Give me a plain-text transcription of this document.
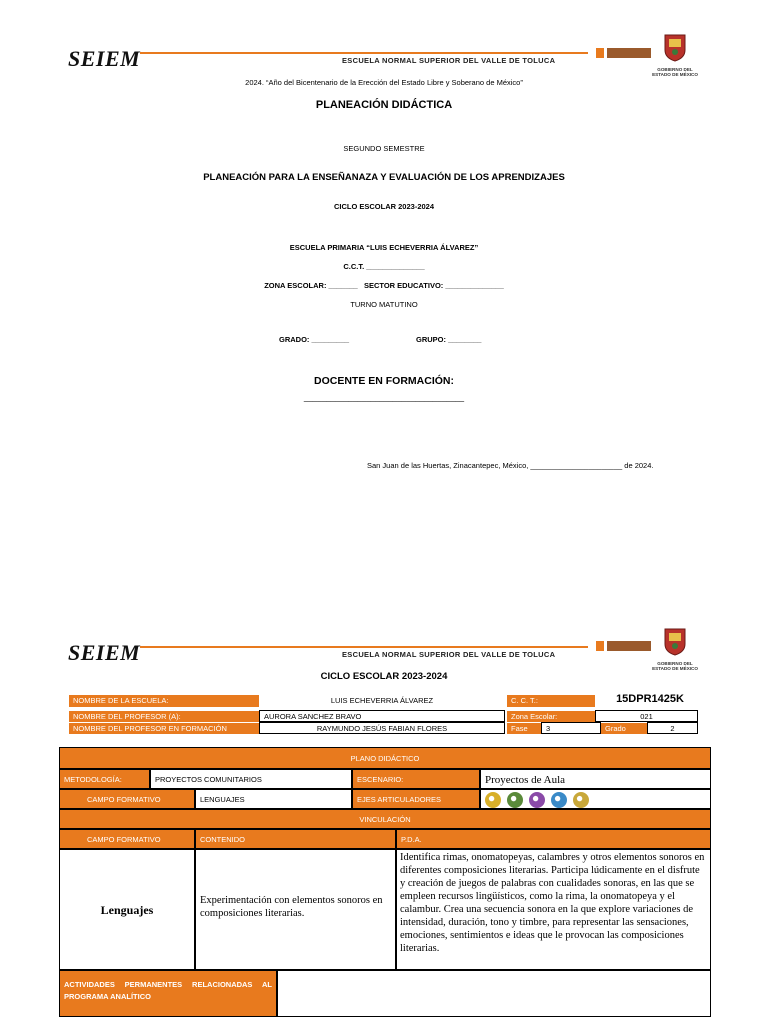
SEIEM	ESCUELA NORMAL SUPERIOR DEL VALLE DE TOLUCA
GOBIERNO DEL ESTADO DE MÉXICO
2024. “Año del Bicentenario de la Erección del Estado Libre y Soberano de México”
PLANEACIÓN DIDÁCTICA
SEGUNDO SEMESTRE
PLANEACIÓN PARA LA ENSEÑANAZA Y EVALUACIÓN DE LOS APRENDIZAJES
CICLO ESCOLAR 2023-2024
ESCUELA PRIMARIA “LUIS ECHEVERRIA ÁLVAREZ”
C.C.T. ______________
ZONA ESCOLAR: _______   SECTOR EDUCATIVO: ______________
TURNO MATUTINO
GRADO: _________	GRUPO: ________
DOCENTE EN FORMACIÓN:
____________________________________
San Juan de las Huertas, Zinacantepec, México, ______________________ de 2024.
SEIEM	ESCUELA NORMAL SUPERIOR DEL VALLE DE TOLUCA
GOBIERNO DEL ESTADO DE MÉXICO
CICLO ESCOLAR 2023-2024
NOMBRE DE LA ESCUELA:	LUIS ECHEVERRIA ÁLVAREZ	C. C. T.:	15DPR1425K
NOMBRE DEL PROFESOR (A):	AURORA SANCHEZ BRAVO	Zona Escolar:	021
NOMBRE DEL PROFESOR EN FORMACIÓN	RAYMUNDO JESÚS FABIAN FLORES	Fase	3	Grado	2
PLANO DIDÁCTICO
METODOLOGÍA:	PROYECTOS COMUNITARIOS	ESCENARIO:	Proyectos de Aula
CAMPO FORMATIVO	LENGUAJES	EJES ARTICULADORES
VINCULACIÓN
CAMPO FORMATIVO	CONTENIDO	P.D.A.
Lenguajes
Experimentación con elementos sonoros en composiciones literarias.
Identifica rimas, onomatopeyas, calambres y otros elementos sonoros en diferentes composiciones literarias. Participa lúdicamente en el disfrute y creación de juegos de palabras con cualidades sonoras, en las que se empleen recursos lingüísticos, como la rima, la onomatopeya y el calambur. Crea una secuencia sonora en la que explore variaciones de intensidad, duración, tono y timbre, para representar las sensaciones, emociones, sentimientos e ideas que le provocan las composiciones literarias.
ACTIVIDADES PERMANENTES RELACIONADAS AL PROGRAMA ANALÍTICO
